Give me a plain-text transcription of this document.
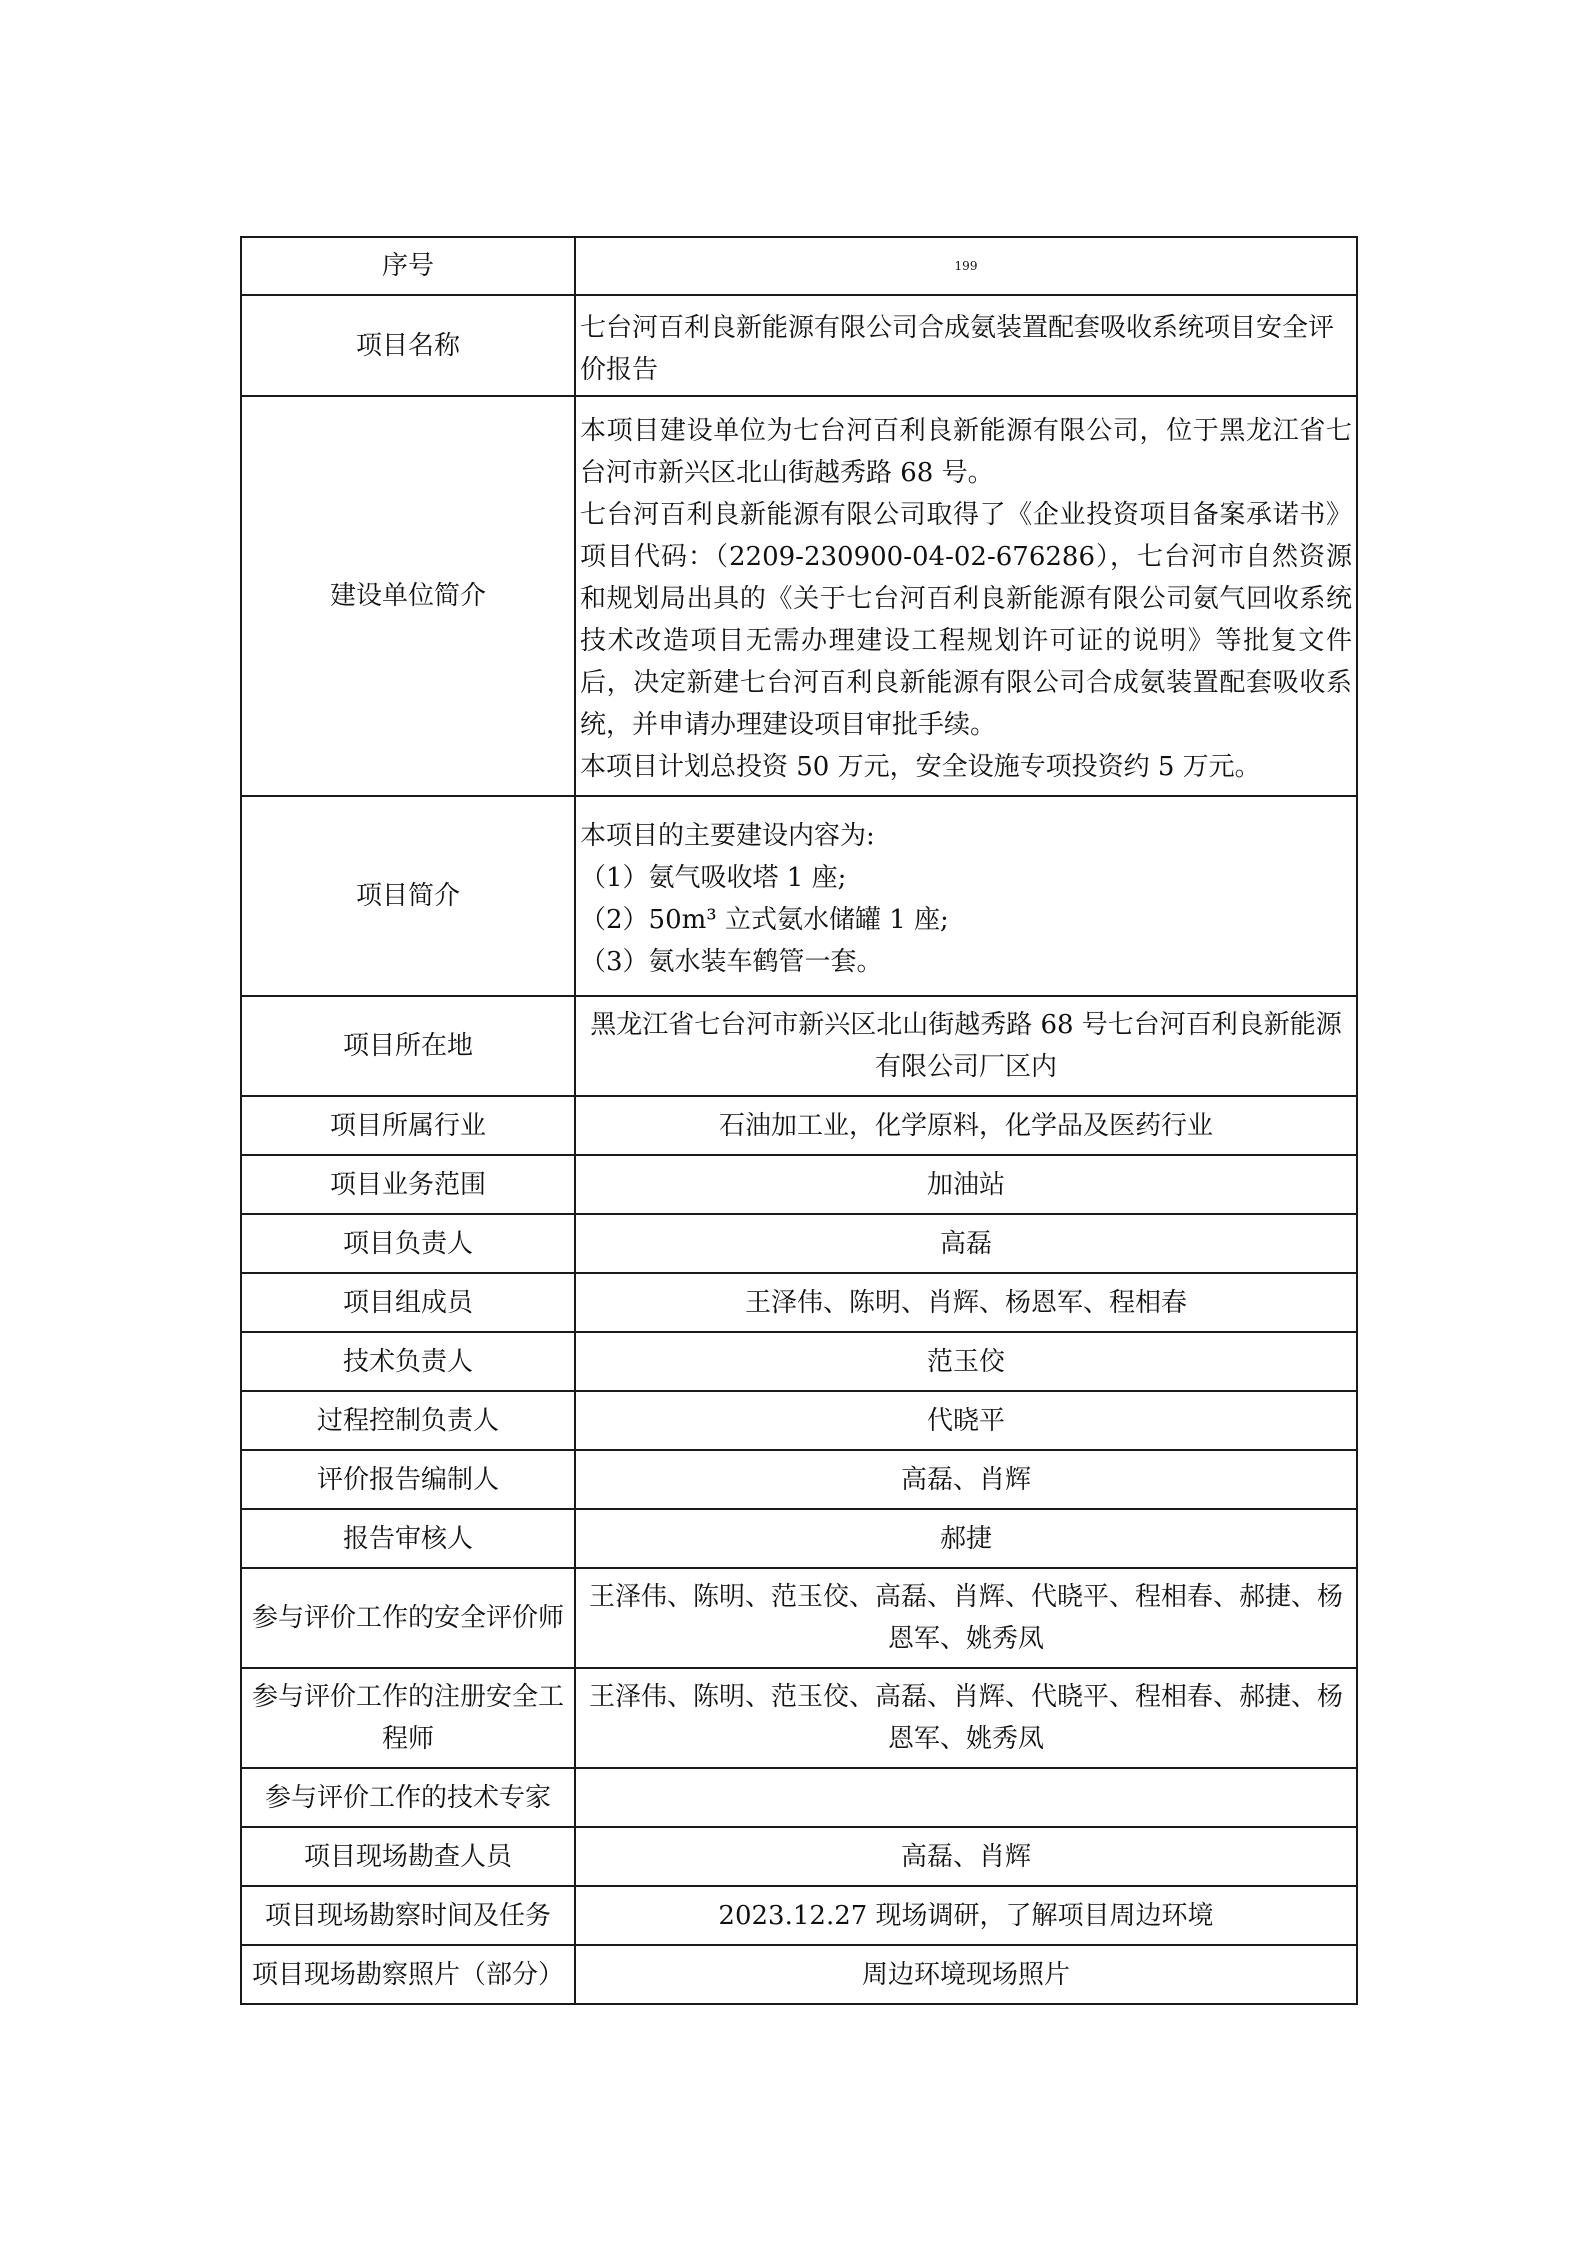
序号	199
项目名称	七台河百利良新能源有限公司合成氨装置配套吸收系统项目安全评价报告
建设单位简介	本项目建设单位为七台河百利良新能源有限公司，位于黑龙江省七台河市新兴区北山街越秀路 68 号。

七台河百利良新能源有限公司取得了《企业投资项目备案承诺书》项目代码：（2209-230900-04-02-676286），七台河市自然资源和规划局出具的《关于七台河百利良新能源有限公司氨气回收系统技术改造项目无需办理建设工程规划许可证的说明》等批复文件后，决定新建七台河百利良新能源有限公司合成氨装置配套吸收系统，并申请办理建设项目审批手续。

本项目计划总投资 50 万元，安全设施专项投资约 5 万元。

项目简介	本项目的主要建设内容为:

（1）氨气吸收塔 1 座;

（2）50m³ 立式氨水储罐 1 座;

（3）氨水装车鹤管一套。

项目所在地	黑龙江省七台河市新兴区北山街越秀路 68 号七台河百利良新能源有限公司厂区内
项目所属行业	石油加工业，化学原料，化学品及医药行业
项目业务范围	加油站
项目负责人	高磊
项目组成员	王泽伟、陈明、肖辉、杨恩军、程相春
技术负责人	范玉佼
过程控制负责人	代晓平
评价报告编制人	高磊、肖辉
报告审核人	郝捷
参与评价工作的安全评价师	王泽伟、陈明、范玉佼、高磊、肖辉、代晓平、程相春、郝捷、杨恩军、姚秀凤
参与评价工作的注册安全工程师	王泽伟、陈明、范玉佼、高磊、肖辉、代晓平、程相春、郝捷、杨恩军、姚秀凤
参与评价工作的技术专家	
项目现场勘查人员	高磊、肖辉
项目现场勘察时间及任务	2023.12.27 现场调研，了解项目周边环境
项目现场勘察照片（部分）	周边环境现场照片
